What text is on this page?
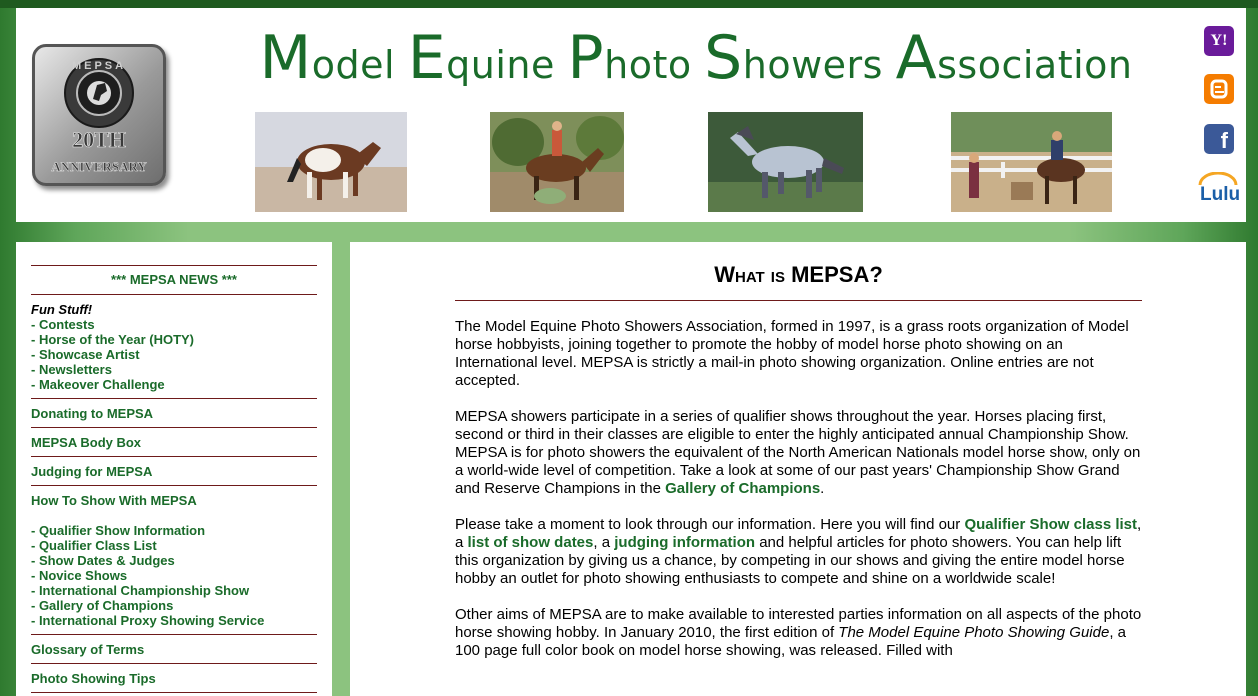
MEPSA
20TH
ANNIVERSARY
Model Equine Photo Showers Association
Y!
f
Lulu
*** MEPSA NEWS ***
Fun Stuff!
- Contests
- Horse of the Year (HOTY)
- Showcase Artist
- Newsletters
- Makeover Challenge
Donating to MEPSA
MEPSA Body Box
Judging for MEPSA
How To Show With MEPSA
- Qualifier Show Information
- Qualifier Class List
- Show Dates & Judges
- Novice Shows
- International Championship Show
- Gallery of Champions
- International Proxy Showing Service
Glossary of Terms
Photo Showing Tips
What is MEPSA?

The Model Equine Photo Showers Association, formed in 1997, is a grass roots organization of Model horse hobbyists, joining together to promote the hobby of model horse photo showing on an International level. MEPSA is strictly a mail-in photo showing organization. Online entries are not accepted.

MEPSA showers participate in a series of qualifier shows throughout the year. Horses placing first, second or third in their classes are eligible to enter the highly anticipated annual Championship Show. MEPSA is for photo showers the equivalent of the North American Nationals model horse show, only on a world-wide level of competition. Take a look at some of our past years' Championship Show Grand and Reserve Champions in the Gallery of Champions.

Please take a moment to look through our information. Here you will find our Qualifier Show class list, a list of show dates, a judging information and helpful articles for photo showers. You can help lift this organization by giving us a chance, by competing in our shows and giving the entire model horse hobby an outlet for photo showing enthusiasts to compete and shine on a worldwide scale!

Other aims of MEPSA are to make available to interested parties information on all aspects of the photo horse showing hobby. In January 2010, the first edition of The Model Equine Photo Showing Guide, a 100 page full color book on model horse showing, was released. Filled with
